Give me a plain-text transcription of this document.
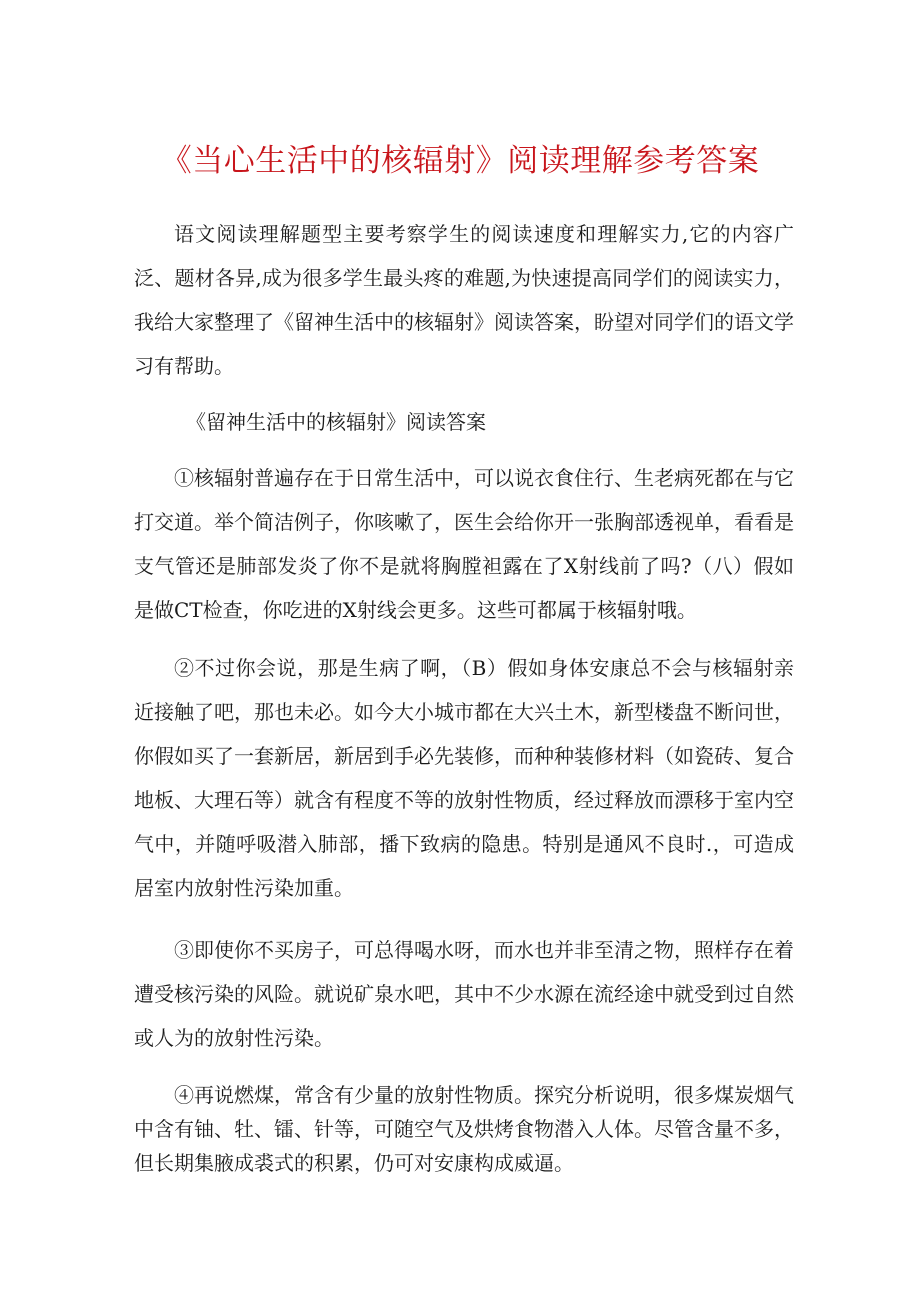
《当心生活中的核辐射》阅读理解参考答案

语文阅读理解题型主要考察学生的阅读速度和理解实力,它的内容广泛、题材各异,成为很多学生最头疼的难题,为快速提高同学们的阅读实力，我给大家整理了《留神生活中的核辐射》阅读答案，盼望对同学们的语文学习有帮助。

《留神生活中的核辐射》阅读答案

①核辐射普遍存在于日常生活中，可以说衣食住行、生老病死都在与它打交道。举个简洁例子，你咳嗽了，医生会给你开一张胸部透视单，看看是支气管还是肺部发炎了你不是就将胸膛袒露在了X射线前了吗?（八）假如是做CT检查，你吃进的X射线会更多。这些可都属于核辐射哦。

②不过你会说，那是生病了啊，（B）假如身体安康总不会与核辐射亲近接触了吧，那也未必。如今大小城市都在大兴土木，新型楼盘不断问世，你假如买了一套新居，新居到手必先装修，而种种装修材料（如瓷砖、复合地板、大理石等）就含有程度不等的放射性物质，经过释放而漂移于室内空气中，并随呼吸潜入肺部，播下致病的隐患。特别是通风不良时.，可造成居室内放射性污染加重。

③即使你不买房子，可总得喝水呀，而水也并非至清之物，照样存在着遭受核污染的风险。就说矿泉水吧，其中不少水源在流经途中就受到过自然或人为的放射性污染。

④再说燃煤，常含有少量的放射性物质。探究分析说明，很多煤炭烟气中含有铀、牡、镭、针等，可随空气及烘烤食物潜入人体。尽管含量不多，但长期集腋成裘式的积累，仍可对安康构成威逼。
